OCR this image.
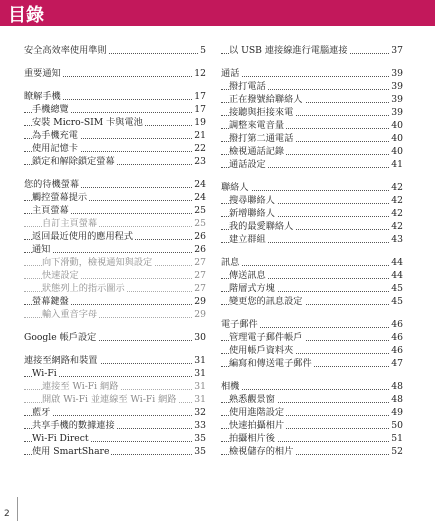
目錄
安全高效率使用準則	5
重要通知	12
瞭解手機	17
手機總覽	17
安裝 Micro-SIM 卡與電池	19
為手機充電	21
使用記憶卡	22
鎖定和解除鎖定螢幕	23
您的待機螢幕	24
觸控螢幕提示	24
主頁螢幕	25
自訂主頁螢幕	25
返回最近使用的應用程式	26
通知	26
向下滑動，檢視通知與設定	27
快速設定	27
狀態列上的指示圖示	27
螢幕鍵盤	29
輸入重音字母	29
Google 帳戶設定	30
連接至網路和裝置	31
Wi-Fi	31
連接至 Wi-Fi 網路	31
開啟 Wi-Fi 並連線至 Wi-Fi 網路 31
藍牙	32
共享手機的數據連接	33
Wi-Fi Direct	35
使用 SmartShare	35
以 USB 連接線進行電腦連接	37
通話	39
撥打電話	39
正在撥號給聯絡人	39
接聽與拒接來電	39
調整來電音量	40
撥打第二通電話	40
檢視通話記錄	40
通話設定	41
聯絡人	42
搜尋聯絡人	42
新增聯絡人	42
我的最愛聯絡人	42
建立群組	43
訊息	44
傳送訊息	44
階層式方塊	45
變更您的訊息設定	45
電子郵件	46
管理電子郵件帳戶	46
使用帳戶資料夾	46
編寫和傳送電子郵件	47
相機	48
熟悉觀景窗	48
使用進階設定	49
快速拍攝相片	50
拍攝相片後	51
檢視儲存的相片	52
2
